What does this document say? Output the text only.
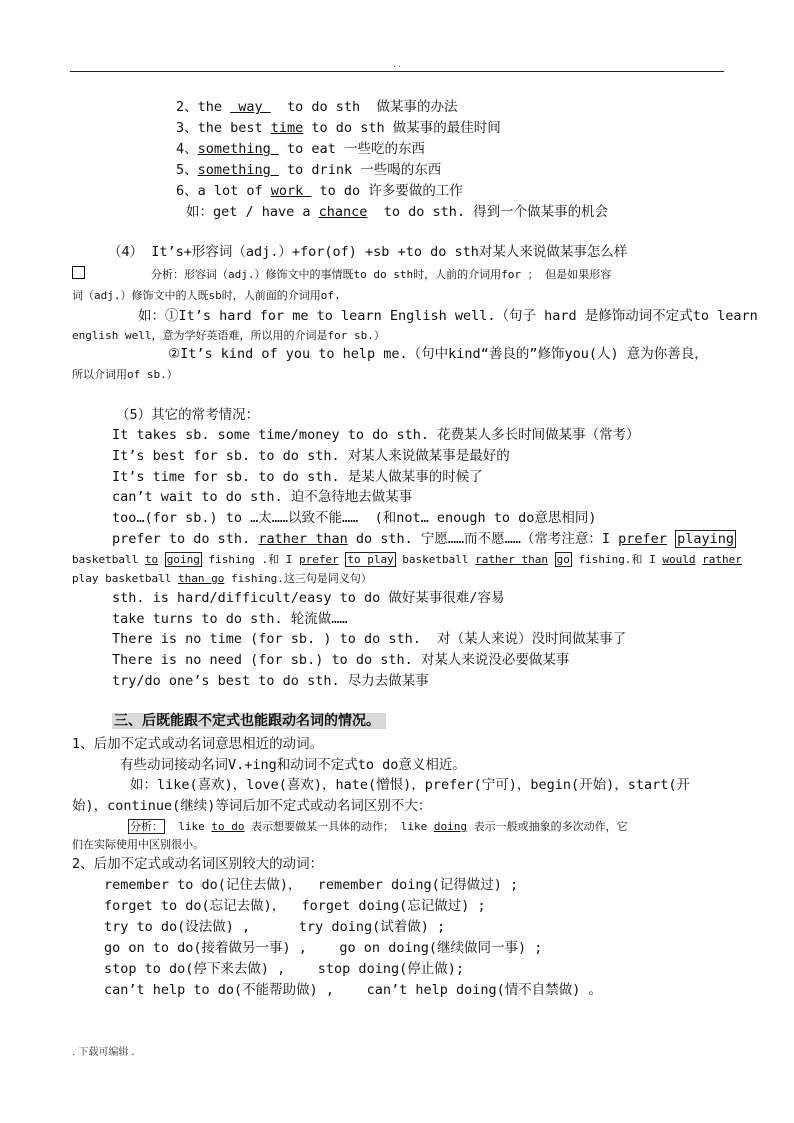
..
2、the  way   to do sth  做某事的办法
3、the best time to do sth 做某事的最佳时间
4、something  to eat 一些吃的东西
5、something  to drink 一些喝的东西
6、a lot of work  to do 许多要做的工作
如：get / have a chance  to do sth. 得到一个做某事的机会
（4） It’s+形容词（adj.）+for(of) +sb +to do sth对某人来说做某事怎么样
分析：形容词（adj.）修饰文中的事情既to do sth时，人前的介词用for ； 但是如果形容
词（adj.）修饰文中的人既sb时，人前面的介词用of.
如：①It’s hard for me to learn English well.（句子 hard 是修饰动词不定式to learn
english well，意为学好英语难，所以用的介词是for sb.）
②It’s kind of you to help me.（句中kind“善良的”修饰you(人) 意为你善良，
所以介词用of sb.）
（5）其它的常考情况：
It takes sb. some time/money to do sth. 花费某人多长时间做某事（常考）
It’s best for sb. to do sth. 对某人来说做某事是最好的
It’s time for sb. to do sth. 是某人做某事的时候了
can’t wait to do sth. 迫不急待地去做某事
too…(for sb.) to …太……以致不能……  (和not… enough to do意思相同)
prefer to do sth. rather than do sth. 宁愿……而不愿……（常考注意：I prefer playing
basketball to going fishing .和 I prefer to play basketball rather than go fishing.和 I would rather
play basketball than go fishing.这三句是同义句）
sth. is hard/difficult/easy to do 做好某事很难/容易
take turns to do sth. 轮流做……
There is no time (for sb. ) to do sth.  对（某人来说）没时间做某事了
There is no need (for sb.) to do sth. 对某人来说没必要做某事
try/do one’s best to do sth. 尽力去做某事
三、后既能跟不定式也能跟动名词的情况。
1、后加不定式或动名词意思相近的动词。
有些动词接动名词V.+ing和动词不定式to do意义相近。
如：like(喜欢)，love(喜欢)，hate(憎恨)，prefer(宁可)，begin(开始)，start(开
始)，continue(继续)等词后加不定式或动名词区别不大：
分析：  like to do 表示想要做某一具体的动作； like doing 表示一般或抽象的多次动作，它
们在实际使用中区别很小。
2、后加不定式或动名词区别较大的动词：
remember to do(记住去做)，  remember doing(记得做过) ;
forget to do(忘记去做)，  forget doing(忘记做过) ;
try to do(设法做) ,      try doing(试着做) ;
go on to do(接着做另一事) ,    go on doing(继续做同一事) ;
stop to do(停下来去做) ,    stop doing(停止做);
can’t help to do(不能帮助做) ,    can’t help doing(情不自禁做) 。
. 下载可编辑 .
